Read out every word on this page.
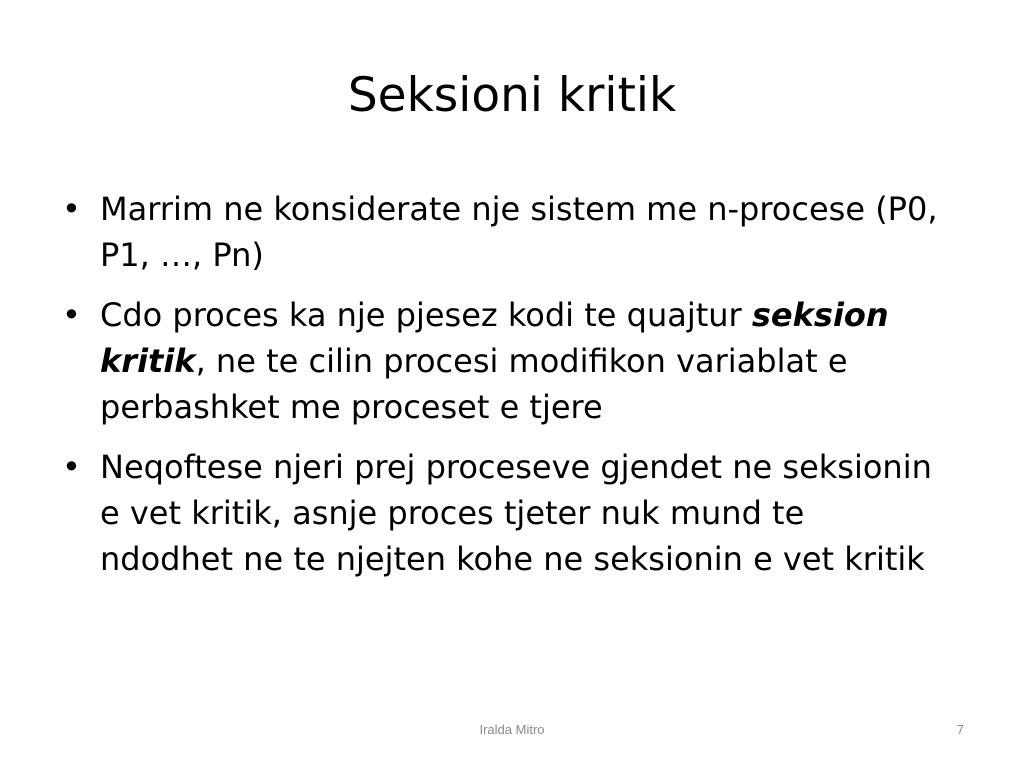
Seksioni kritik
• Marrim ne konsiderate nje sistem me n-procese (P0, P1, …, Pn)
• Cdo proces ka nje pjesez kodi te quajtur seksion kritik, ne te cilin procesi modifikon variablat e perbashket me proceset e tjere
• Neqoftese njeri prej proceseve gjendet ne seksionin e vet kritik, asnje proces tjeter nuk mund te ndodhet ne te njejten kohe ne seksionin e vet kritik
Iralda Mitro	7
